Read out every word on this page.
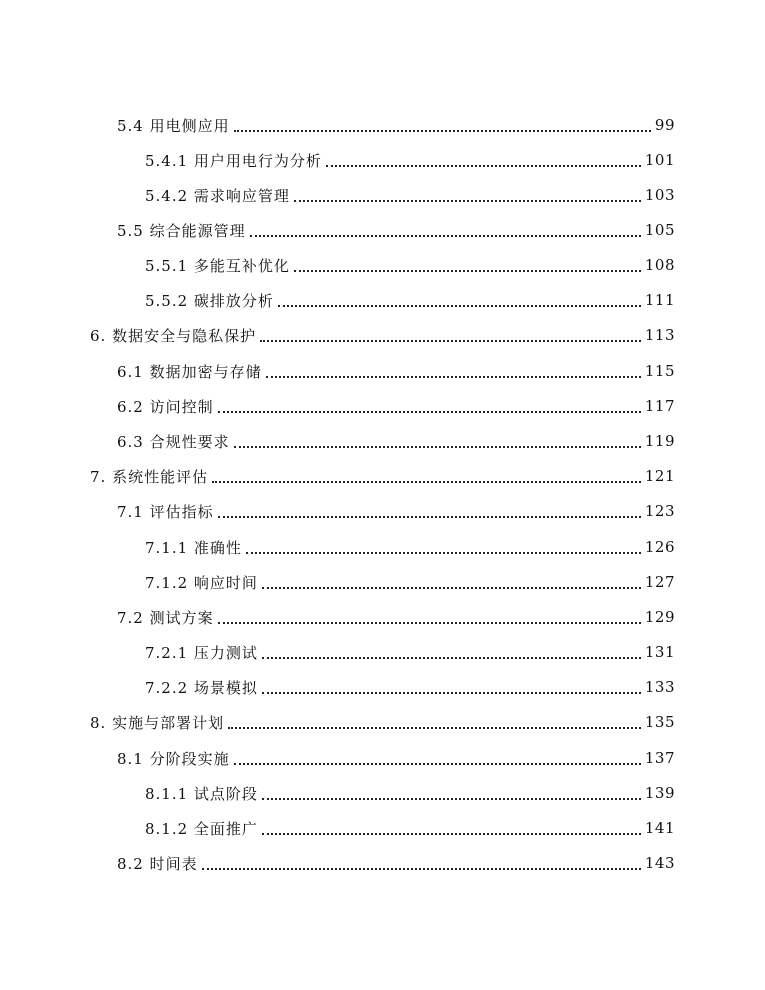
5.4 用电侧应用	99
5.4.1 用户用电行为分析	101
5.4.2 需求响应管理	103
5.5 综合能源管理	105
5.5.1 多能互补优化	108
5.5.2 碳排放分析	111
6. 数据安全与隐私保护	113
6.1 数据加密与存储	115
6.2 访问控制	117
6.3 合规性要求	119
7. 系统性能评估	121
7.1 评估指标	123
7.1.1 准确性	126
7.1.2 响应时间	127
7.2 测试方案	129
7.2.1 压力测试	131
7.2.2 场景模拟	133
8. 实施与部署计划	135
8.1 分阶段实施	137
8.1.1 试点阶段	139
8.1.2 全面推广	141
8.2 时间表	143
